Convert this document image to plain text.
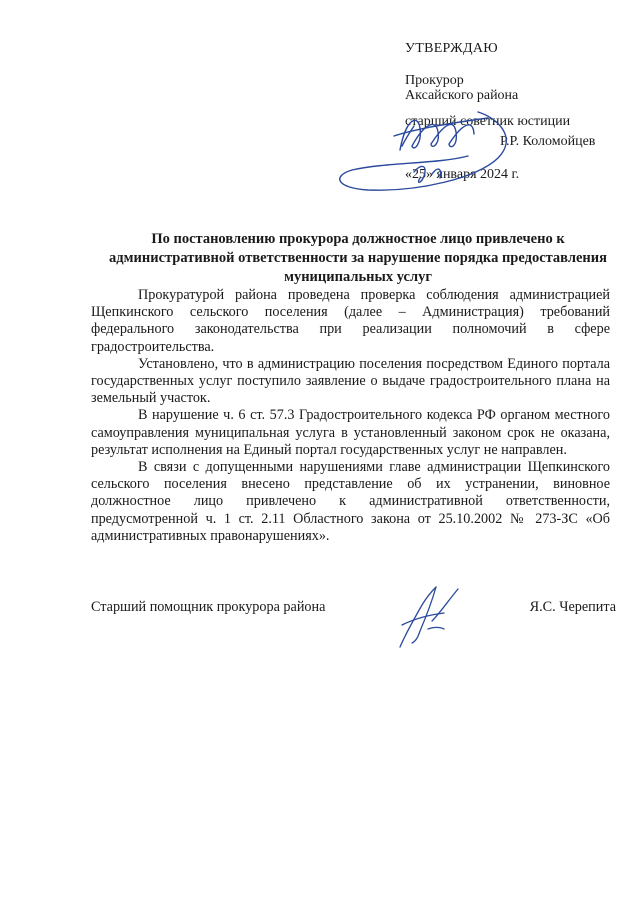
УТВЕРЖДАЮ
Прокурор
Аксайского района
старший советник юстиции
Р.Р. Коломойцев
«25» января 2024 г.
По постановлению прокурора должностное лицо привлечено к административной ответственности за нарушение порядка предоставления муниципальных услуг

Прокуратурой района проведена проверка соблюдения администрацией Щепкинского сельского поселения (далее – Администрация) требований федерального законодательства при реализации полномочий в сфере градостроительства.

Установлено, что в администрацию поселения посредством Единого портала государственных услуг поступило заявление о выдаче градостроительного плана на земельный участок.

В нарушение ч. 6 ст. 57.3 Градостроительного кодекса РФ органом местного самоуправления муниципальная услуга в установленный законом срок не оказана, результат исполнения на Единый портал государственных услуг не направлен.

В связи с допущенными нарушениями главе администрации Щепкинского сельского поселения внесено представление об их устранении, виновное должностное лицо привлечено к административной ответственности, предусмотренной ч. 1 ст. 2.11 Областного закона от 25.10.2002 № 273-ЗС «Об административных правонарушениях».

Старший помощник прокурора района	Я.С. Черепита
